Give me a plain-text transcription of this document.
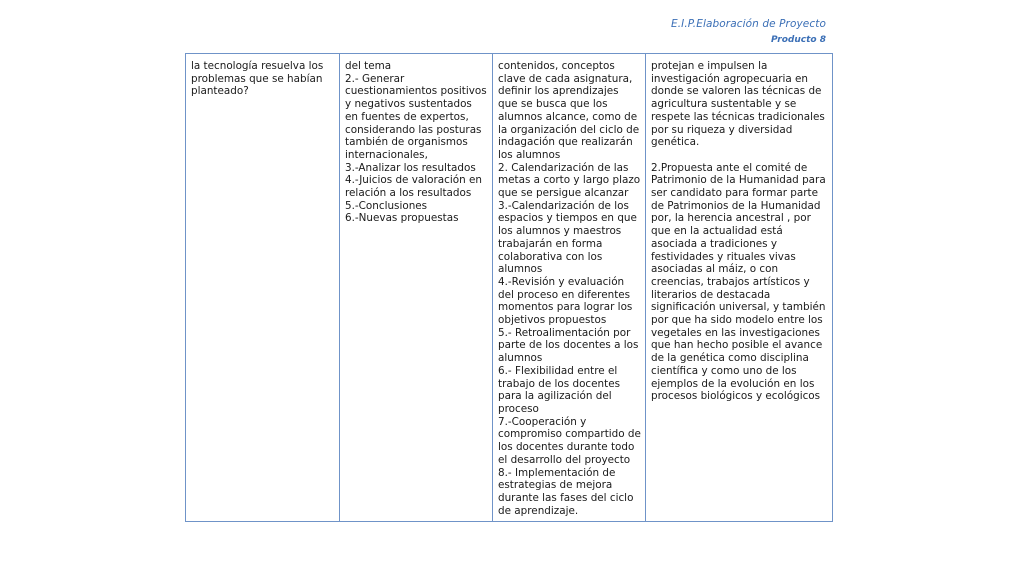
E.I.P.Elaboración de Proyecto
Producto 8
la tecnología resuelva los problemas que se habían planteado?	del tema
2.- Generar cuestionamientos positivos y negativos sustentados en fuentes de expertos, considerando las posturas también de organismos internacionales,
3.-Analizar los resultados
4.-Juicios de valoración en relación a los resultados
5.-Conclusiones
6.-Nuevas propuestas	contenidos, conceptos clave de cada asignatura, definir los aprendizajes que se busca que los alumnos alcance, como de la organización del ciclo de indagación que realizarán los alumnos
2. Calendarización de las metas a corto y largo plazo que se persigue alcanzar
3.-Calendarización de los espacios y tiempos en que los alumnos y maestros trabajarán en forma colaborativa con los alumnos
4.-Revisión y evaluación del proceso en diferentes momentos para lograr los objetivos propuestos
5.- Retroalimentación por parte de los docentes a los alumnos
6.- Flexibilidad entre el trabajo de los docentes para la agilización del proceso
7.-Cooperación y compromiso compartido de los docentes durante todo el desarrollo del proyecto
8.- Implementación de estrategias de mejora durante las fases del ciclo de aprendizaje.	protejan e impulsen la investigación agropecuaria en donde se valoren las técnicas de agricultura sustentable y se respete las técnicas tradicionales por su riqueza y diversidad genética.

2.Propuesta ante el comité de Patrimonio de la Humanidad para ser candidato para formar parte de Patrimonios de la Humanidad por, la herencia ancestral , por que en la actualidad está asociada a tradiciones y festividades y rituales vivas asociadas al máiz, o con creencias, trabajos artísticos y literarios de destacada significación universal, y también por que ha sido modelo entre los vegetales en las investigaciones que han hecho posible el avance de la genética como disciplina científica y como uno de los ejemplos de la evolución en los procesos biológicos y ecológicos
